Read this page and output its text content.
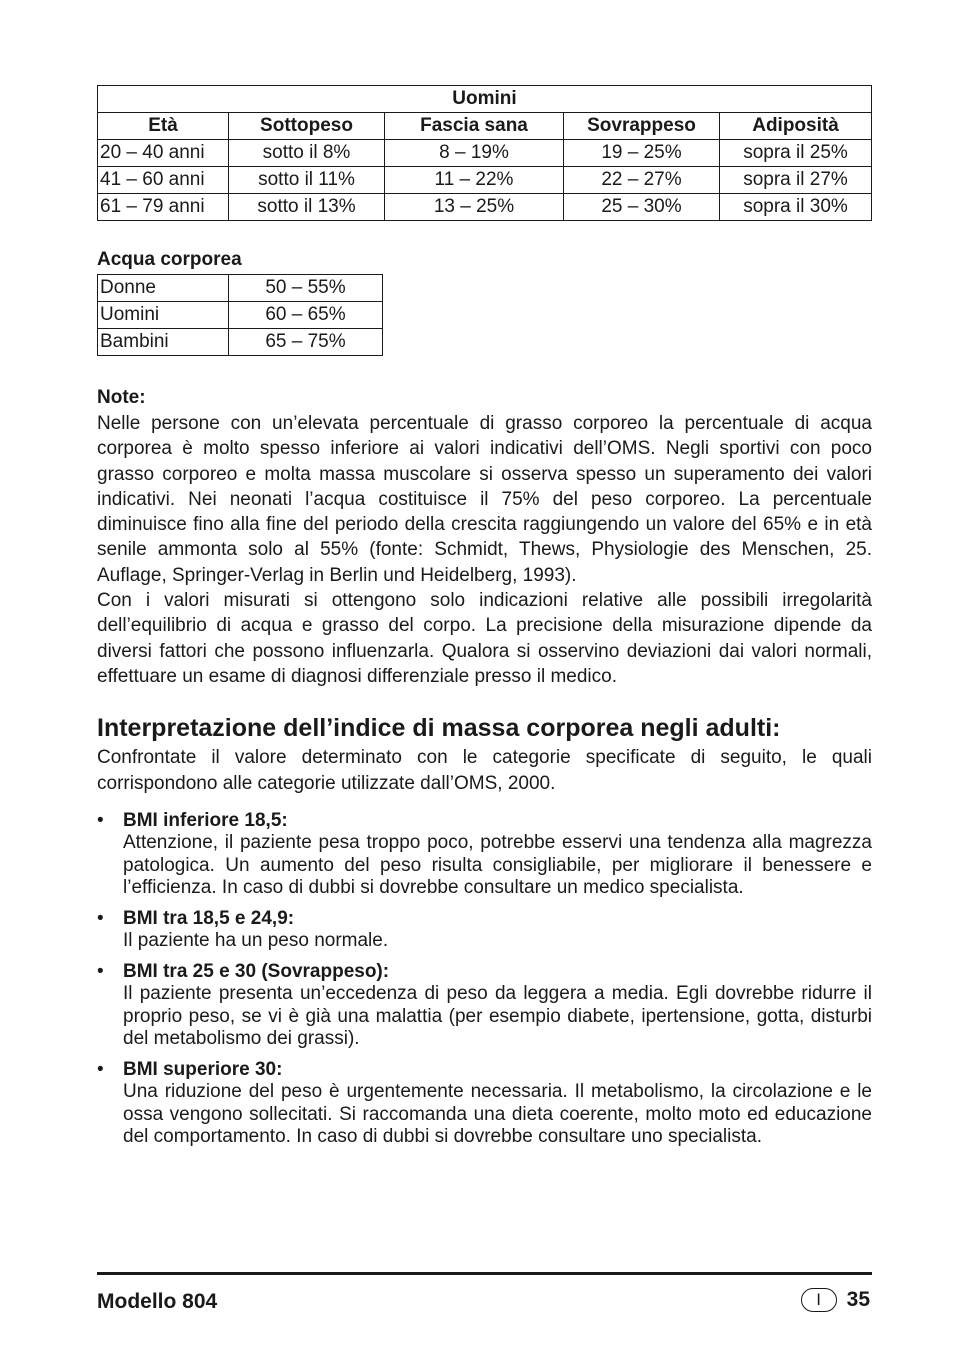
Uomini				
Età	Sottopeso	Fascia sana	Sovrappeso	Adiposità
20 – 40 anni	sotto il 8%	8 – 19%	19 – 25%	sopra il 25%
41 – 60 anni	sotto il 11%	11 – 22%	22 – 27%	sopra il 27%
61 – 79 anni	sotto il 13%	13 – 25%	25 – 30%	sopra il 30%
Acqua corporea
Donne	50 – 55%
Uomini	60 – 65%
Bambini	65 – 75%
Note:

Nelle persone con un’elevata percentuale di grasso corporeo la percentuale di acqua corporea è molto spesso inferiore ai valori indicativi dell’OMS. Negli sportivi con poco grasso corporeo e molta massa muscolare si osserva spesso un superamento dei valori indicativi. Nei neonati l’acqua costituisce il 75% del peso corporeo. La percentuale diminuisce fino alla fine del periodo della crescita raggiungendo un valore del 65% e in età senile ammonta solo al 55% (fonte: Schmidt, Thews, Physiologie des Menschen, 25. Auflage, Springer-Verlag in Berlin und Heidelberg, 1993).

Con i valori misurati si ottengono solo indicazioni relative alle possibili irregolarità dell’equilibrio di acqua e grasso del corpo. La precisione della misurazione dipende da diversi fattori che possono influenzarla. Qualora si osservino deviazioni dai valori normali, effettuare un esame di diagnosi differenziale presso il medico.

Interpretazione dell’indice di massa corporea negli adulti:

Confrontate il valore determinato con le categorie specificate di seguito, le quali corrispondono alle categorie utilizzate dall’OMS, 2000.

• BMI inferiore 18,5:
Attenzione, il paziente pesa troppo poco, potrebbe esservi una tendenza alla magrezza patologica. Un aumento del peso risulta consigliabile, per migliorare il benessere e l’efficienza. In caso di dubbi si dovrebbe consultare un medico specialista.
• BMI tra 18,5 e 24,9:
Il paziente ha un peso normale.
• BMI tra 25 e 30 (Sovrappeso):
Il paziente presenta un’eccedenza di peso da leggera a media. Egli dovrebbe ridurre il proprio peso, se vi è già una malattia (per esempio diabete, ipertensione, gotta, disturbi del metabolismo dei grassi).
• BMI superiore 30:
Una riduzione del peso è urgentemente necessaria. Il metabolismo, la circolazione e le ossa vengono sollecitati. Si raccomanda una dieta coerente, molto moto ed educazione del comportamento. In caso di dubbi si dovrebbe consultare uno specialista.
Modello 804	I	35
